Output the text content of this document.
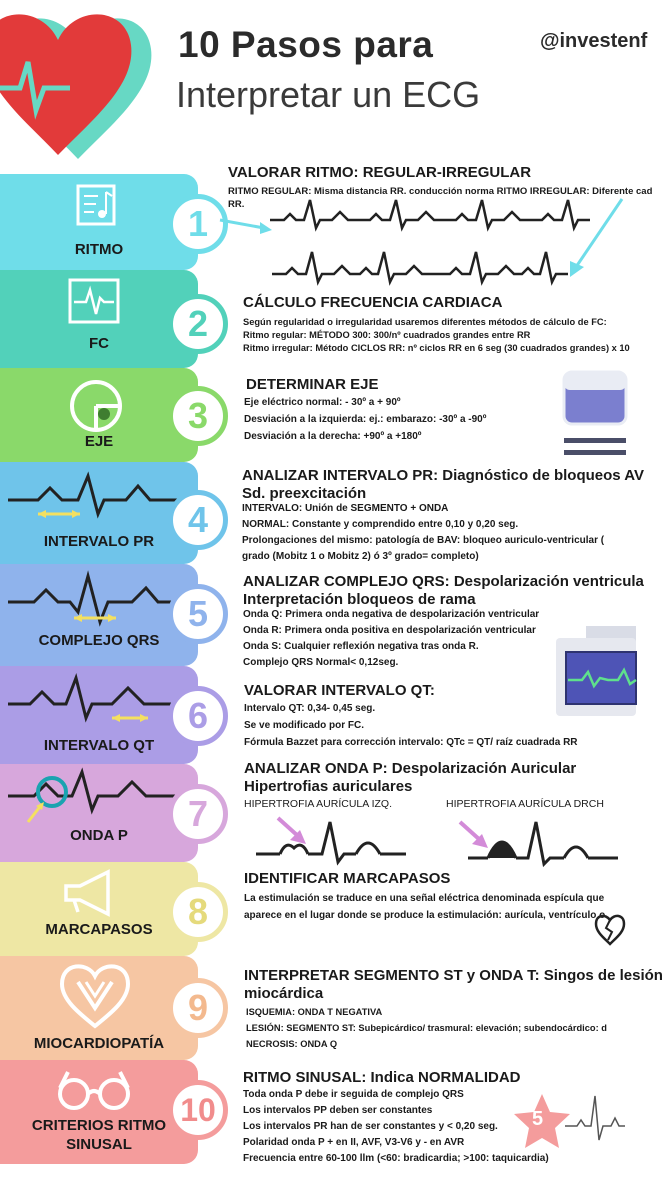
10 Pasos para
Interpretar un ECG
@investenf
RITMO
FC
EJE
INTERVALO PR
COMPLEJO QRS
INTERVALO QT
ONDA P
MARCAPASOS
MIOCARDIOPATÍA
CRITERIOS RITMO
SINUSAL
1
2
3
4
5
6
7
8
9
10
VALORAR RITMO: REGULAR-IRREGULAR
RITMO REGULAR: Misma distancia RR. conducción norma RITMO IRREGULAR: Diferente cad
RR.
CÁLCULO FRECUENCIA CARDIACA
Según regularidad o irregularidad usaremos diferentes métodos de cálculo de FC:
Ritmo regular: MÉTODO 300: 300/nº cuadrados grandes entre RR
Ritmo irregular: Método CICLOS RR: nº ciclos RR en 6 seg (30 cuadrados grandes) x 10
DETERMINAR EJE
Eje eléctrico normal: - 30º a + 90º
Desviación a la izquierda: ej.: embarazo: -30º a -90º
Desviación a la derecha: +90º a +180º
ANALIZAR INTERVALO PR: Diagnóstico de bloqueos AV
Sd. preexcitación
INTERVALO: Unión de SEGMENTO + ONDA
NORMAL: Constante y comprendido entre 0,10 y 0,20 seg.
Prolongaciones del mismo: patología de BAV: bloqueo auriculo-ventricular (
grado (Mobitz 1 o Mobitz 2) ó 3º grado= completo)
ANALIZAR COMPLEJO QRS: Despolarización ventricula
Interpretación bloqueos de rama
Onda Q: Primera onda negativa de despolarización ventricular
Onda R: Primera onda positiva en despolarización ventricular
Onda S: Cualquier reflexión negativa tras onda R.
Complejo QRS Normal< 0,12seg.
VALORAR INTERVALO QT:
Intervalo QT: 0,34- 0,45 seg.
Se ve modificado por FC.
Fórmula Bazzet para corrección intervalo: QTc = QT/ raíz cuadrada RR
ANALIZAR ONDA P: Despolarización Auricular
Hipertrofias auriculares
HIPERTROFIA AURÍCULA IZQ.	HIPERTROFIA AURÍCULA DRCH
IDENTIFICAR MARCAPASOS
La estimulación se traduce en una señal eléctrica denominada espícula que
aparece en el lugar donde se produce la estimulación: aurícula, ventrículo o
INTERPRETAR SEGMENTO ST y ONDA T: Singos de lesión
miocárdica
ISQUEMIA: ONDA T NEGATIVA
LESIÓN: SEGMENTO ST: Subepicárdico/ trasmural: elevación; subendocárdico: d
NECROSIS: ONDA Q
RITMO SINUSAL: Indica NORMALIDAD
Toda onda P debe ir seguida de complejo QRS
Los intervalos PP deben ser constantes
Los intervalos PR han de ser constantes y < 0,20 seg.
Polaridad onda P + en II, AVF, V3-V6 y - en AVR
Frecuencia entre 60-100 llm (<60: bradicardia; >100: taquicardia)
5
